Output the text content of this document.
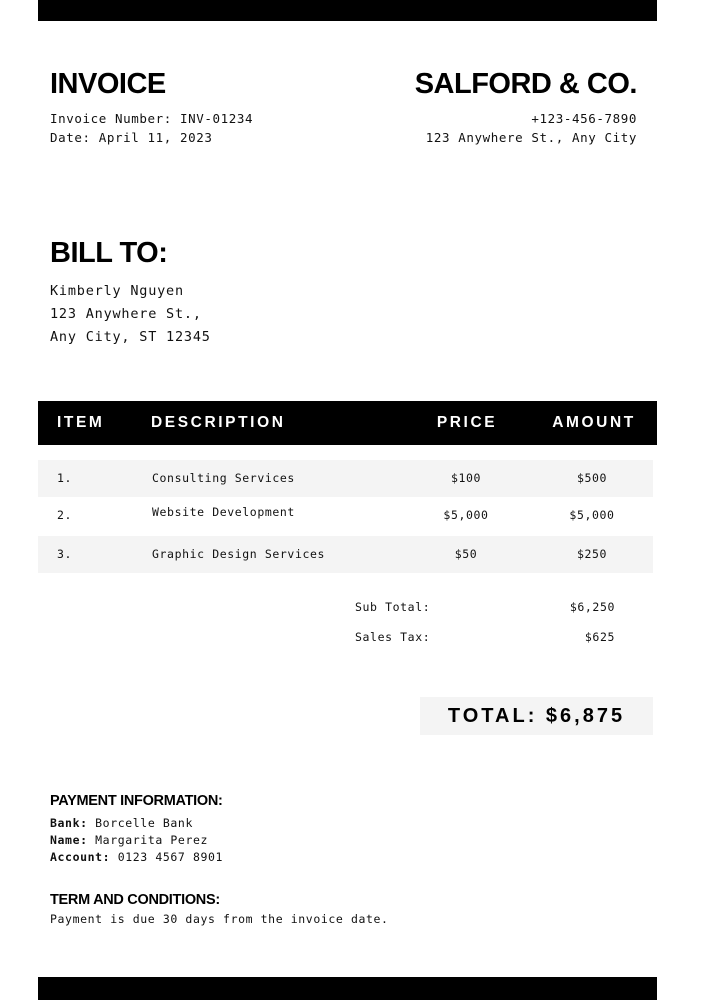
INVOICE	SALFORD & CO.
Invoice Number: INV-01234
Date: April 11, 2023
+123-456-7890
123 Anywhere St., Any City
BILL TO:
Kimberly Nguyen
123 Anywhere St.,
Any City, ST 12345
ITEM	DESCRIPTION	PRICE	AMOUNT
1.	Consulting Services	$100	$500
2.	Website Development	$5,000	$5,000
3.	Graphic Design Services	$50	$250
Sub Total:	$6,250
Sales Tax:	$625
TOTAL: $6,875
PAYMENT INFORMATION:
Bank: Borcelle Bank
Name: Margarita Perez
Account: 0123 4567 8901
TERM AND CONDITIONS:
Payment is due 30 days from the invoice date.
